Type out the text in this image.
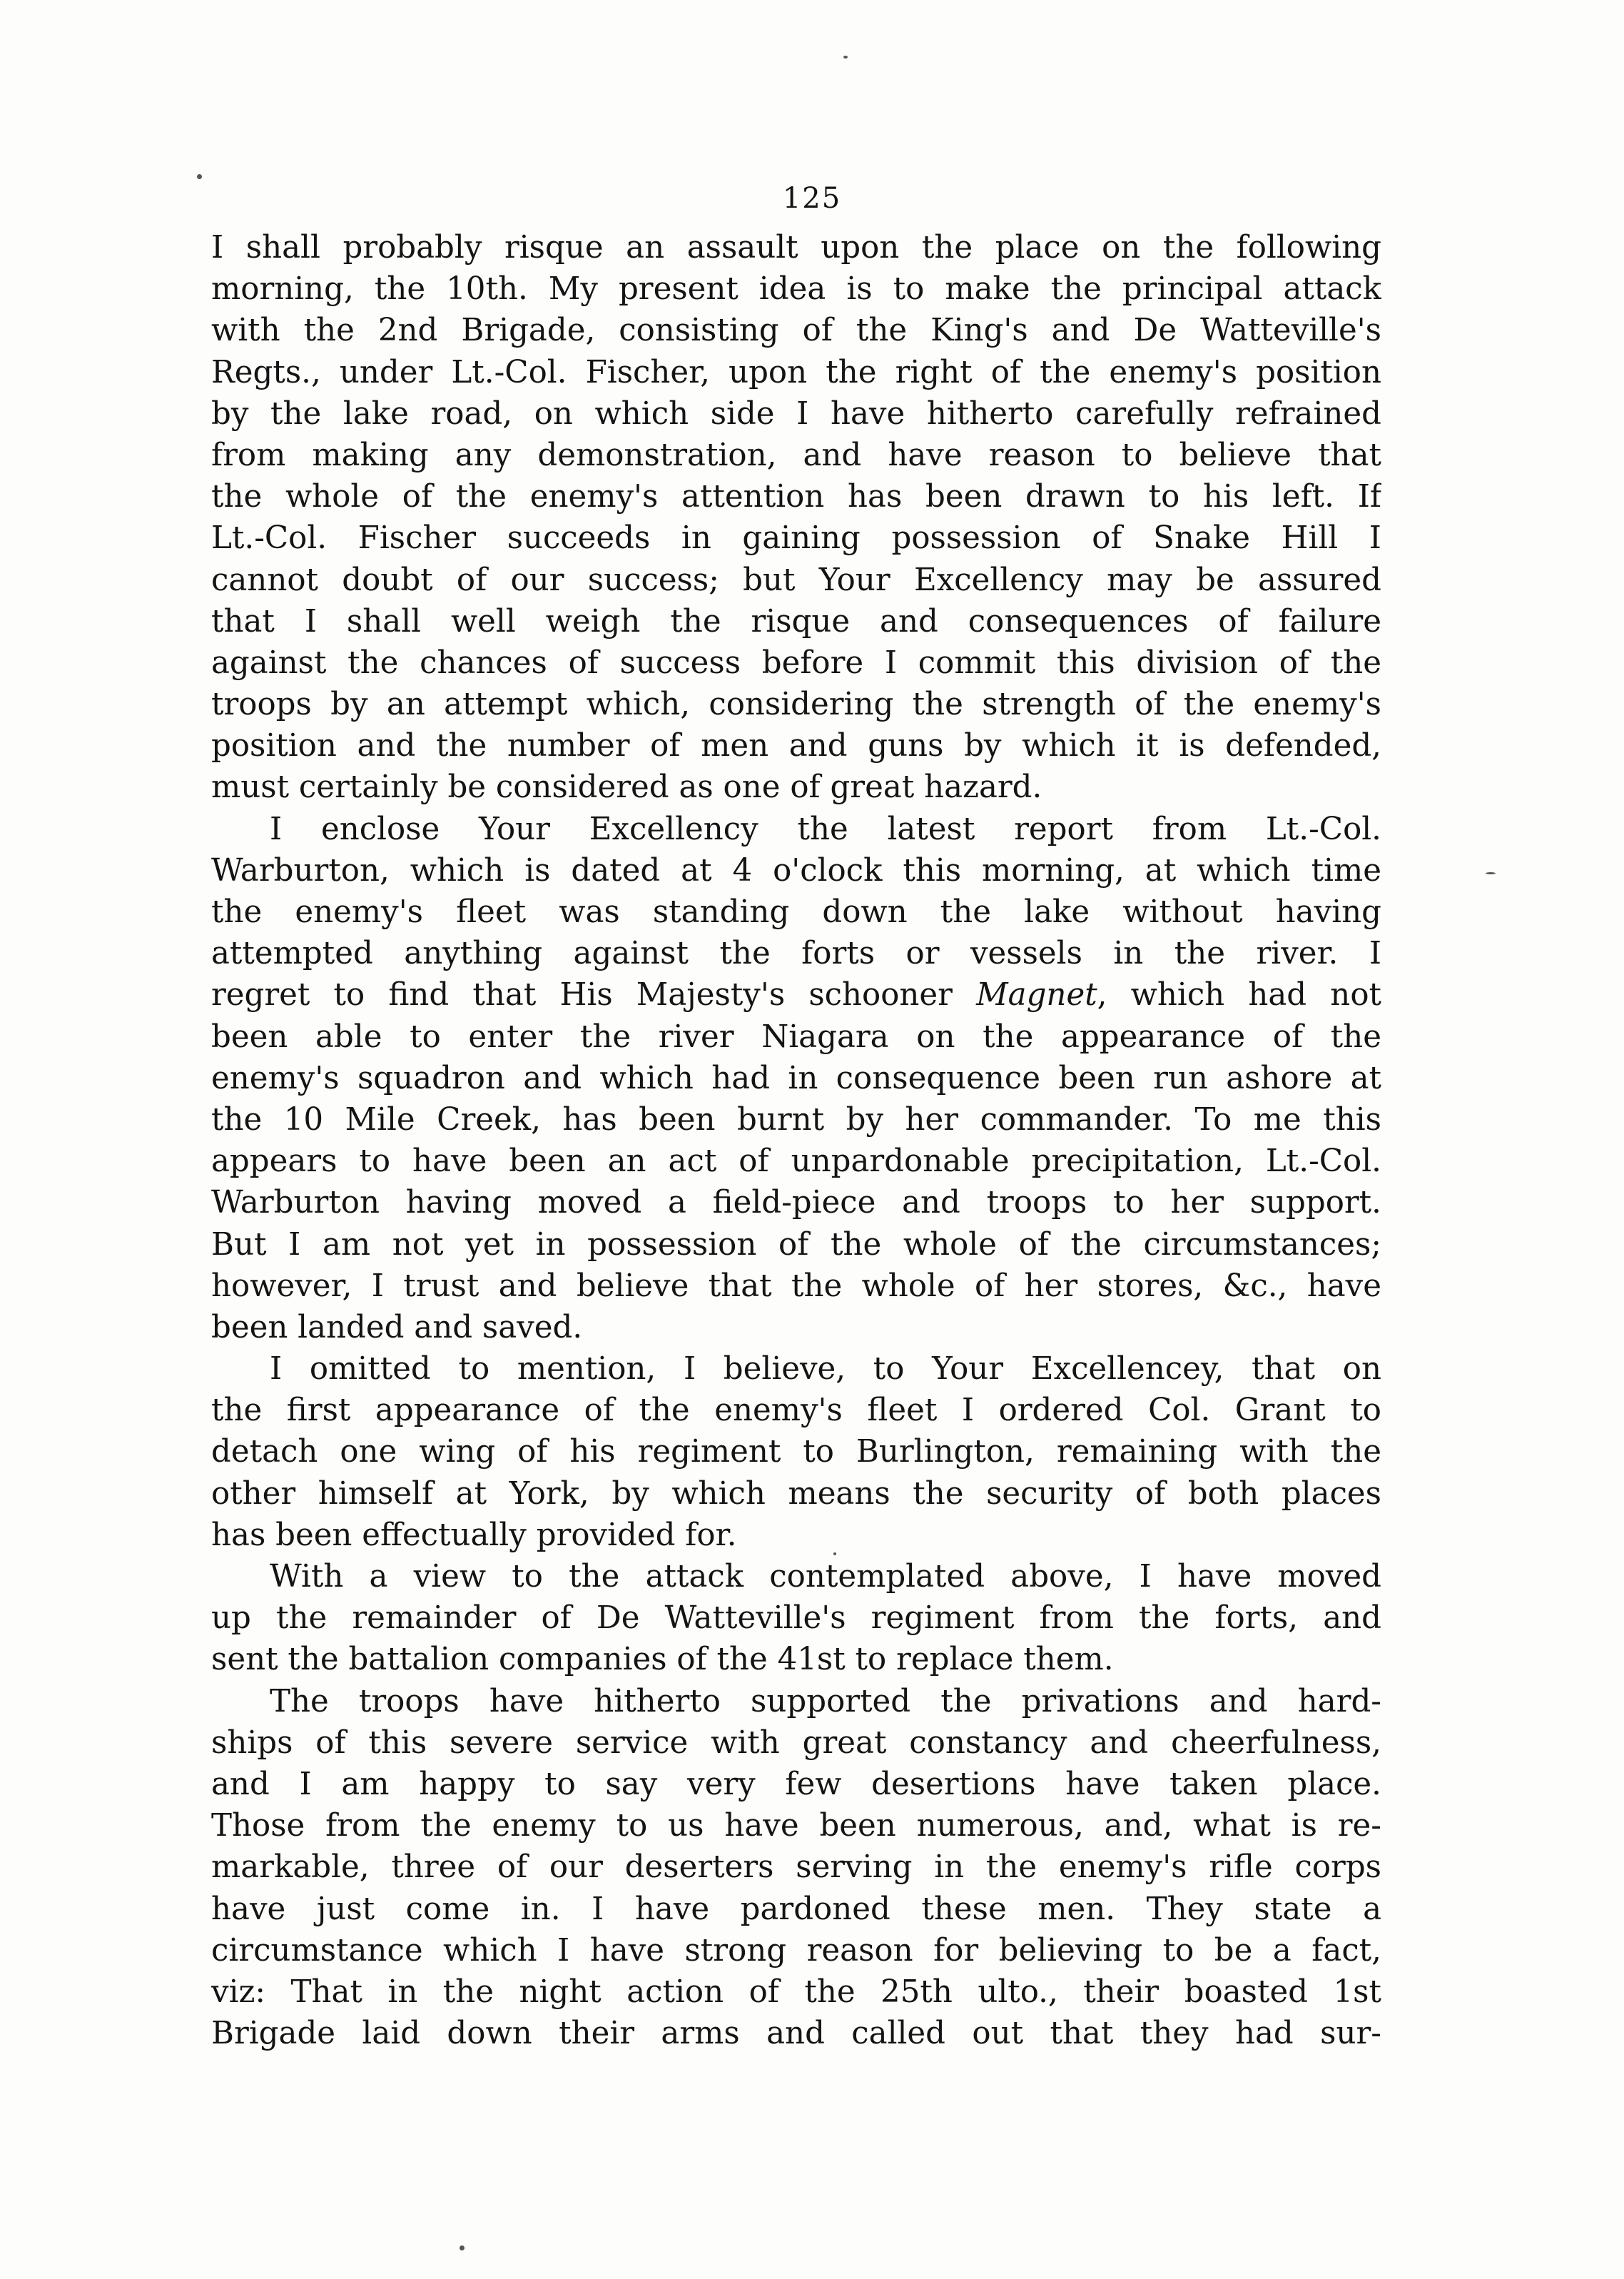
125
I shall probably risque an assault upon the place on the following
morning, the 10th. My present idea is to make the principal attack
with the 2nd Brigade, consisting of the King's and De Watteville's
Regts., under Lt.-Col. Fischer, upon the right of the enemy's position
by the lake road, on which side I have hitherto carefully refrained
from making any demonstration, and have reason to believe that
the whole of the enemy's attention has been drawn to his left. If
Lt.-Col. Fischer succeeds in gaining possession of Snake Hill I
cannot doubt of our success; but Your Excellency may be assured
that I shall well weigh the risque and consequences of failure
against the chances of success before I commit this division of the
troops by an attempt which, considering the strength of the enemy's
position and the number of men and guns by which it is defended,
must certainly be considered as one of great hazard.
I enclose Your Excellency the latest report from Lt.-Col.
Warburton, which is dated at 4 o'clock this morning, at which time
the enemy's fleet was standing down the lake without having
attempted anything against the forts or vessels in the river. I
regret to find that His Majesty's schooner Magnet, which had not
been able to enter the river Niagara on the appearance of the
enemy's squadron and which had in consequence been run ashore at
the 10 Mile Creek, has been burnt by her commander. To me this
appears to have been an act of unpardonable precipitation, Lt.-Col.
Warburton having moved a field-piece and troops to her support.
But I am not yet in possession of the whole of the circumstances;
however, I trust and believe that the whole of her stores, &c., have
been landed and saved.
I omitted to mention, I believe, to Your Excellencey, that on
the first appearance of the enemy's fleet I ordered Col. Grant to
detach one wing of his regiment to Burlington, remaining with the
other himself at York, by which means the security of both places
has been effectually provided for.
With a view to the attack contemplated above, I have moved
up the remainder of De Watteville's regiment from the forts, and
sent the battalion companies of the 41st to replace them.
The troops have hitherto supported the privations and hard-
ships of this severe service with great constancy and cheerfulness,
and I am happy to say very few desertions have taken place.
Those from the enemy to us have been numerous, and, what is re-
markable, three of our deserters serving in the enemy's rifle corps
have just come in. I have pardoned these men. They state a
circumstance which I have strong reason for believing to be a fact,
viz: That in the night action of the 25th ulto., their boasted 1st
Brigade laid down their arms and called out that they had sur-
